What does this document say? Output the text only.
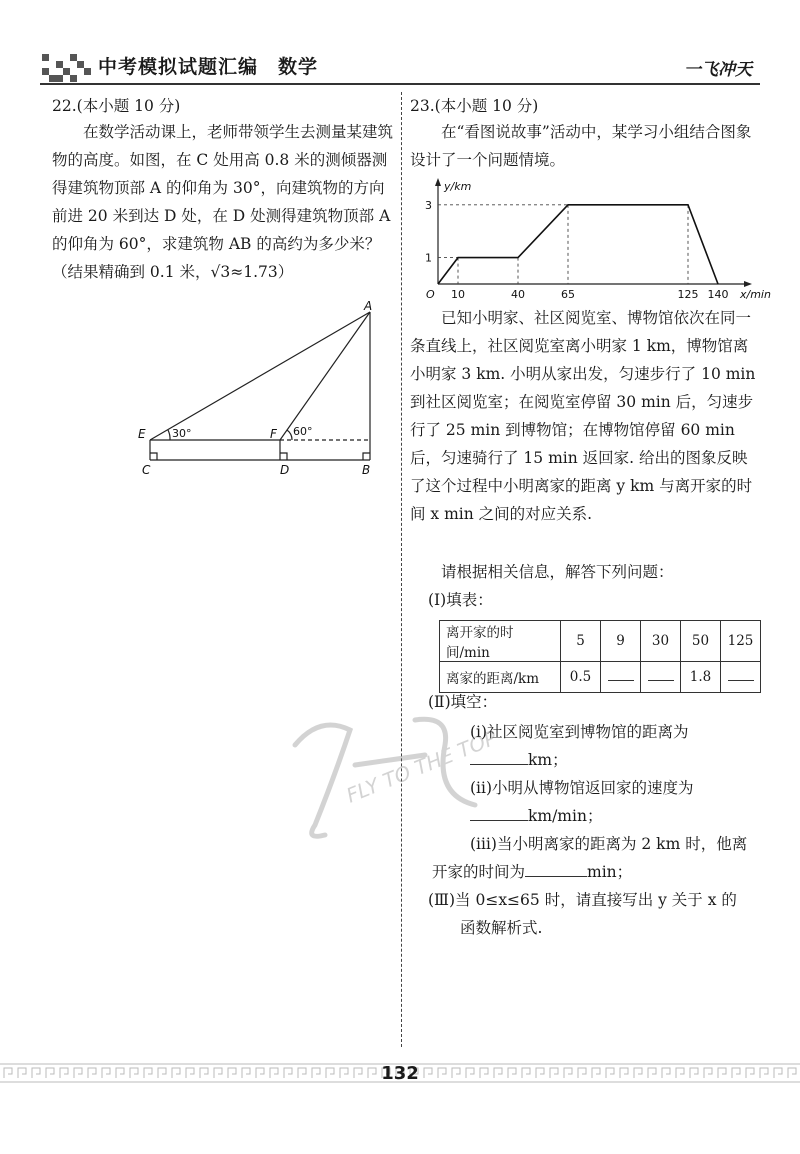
中考模拟试题汇编　数学	一飞冲天

22.(本小题 10 分)

在数学活动课上，老师带领学生去测量某建筑物的高度。如图，在 C 处用高 0.8 米的测倾器测得建筑物顶部 A 的仰角为 30°，向建筑物的方向前进 20 米到达 D 处，在 D 处测得建筑物顶部 A 的仰角为 60°，求建筑物 AB 的高约为多少米？（结果精确到 0.1 米，√3≈1.73）

A
E	F
C	D	B
30°	60°

23.(本小题 10 分)

在“看图说故事”活动中，某学习小组结合图象设计了一个问题情境。

10	40	65	125 140
1
3
O	x/min
y/km

已知小明家、社区阅览室、博物馆依次在同一条直线上，社区阅览室离小明家 1 km，博物馆离小明家 3 km. 小明从家出发，匀速步行了 10 min 到社区阅览室；在阅览室停留 30 min 后，匀速步行了 25 min 到博物馆；在博物馆停留 60 min 后，匀速骑行了 15 min 返回家. 给出的图象反映了这个过程中小明离家的距离 y km 与离开家的时间 x min 之间的对应关系.

请根据相关信息，解答下列问题：

(Ⅰ)填表：

离开家的时间/min	5	9	30	50	125
离家的距离/km	0.5			1.8	

(Ⅱ)填空：

(ⅰ)社区阅览室到博物馆的距离为

km；

(ⅱ)小明从博物馆返回家的速度为

km/min；

(ⅲ)当小明离家的距离为 2 km 时，他离

开家的时间为	min；

(Ⅲ)当 0≤x≤65 时，请直接写出 y 关于 x 的

函数解析式.

FLY TO THE TOP
132
